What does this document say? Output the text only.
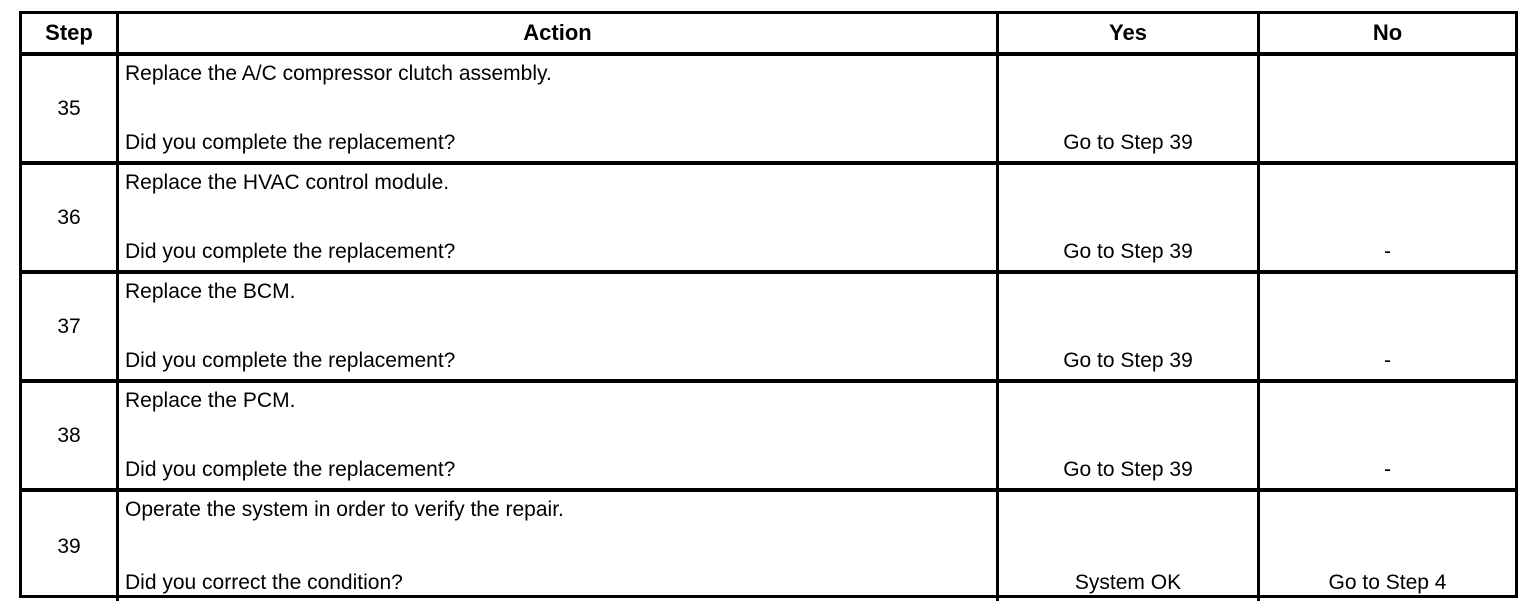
Step	Action	Yes	No
35
Replace the A/C compressor clutch assembly.
Did you complete the replacement?	Go to Step 39
36
Replace the HVAC control module.
Did you complete the replacement?	Go to Step 39	-
37
Replace the BCM.
Did you complete the replacement?	Go to Step 39	-
38
Replace the PCM.
Did you complete the replacement?	Go to Step 39	-
39
Operate the system in order to verify the repair.
Did you correct the condition?	System OK	Go to Step 4
